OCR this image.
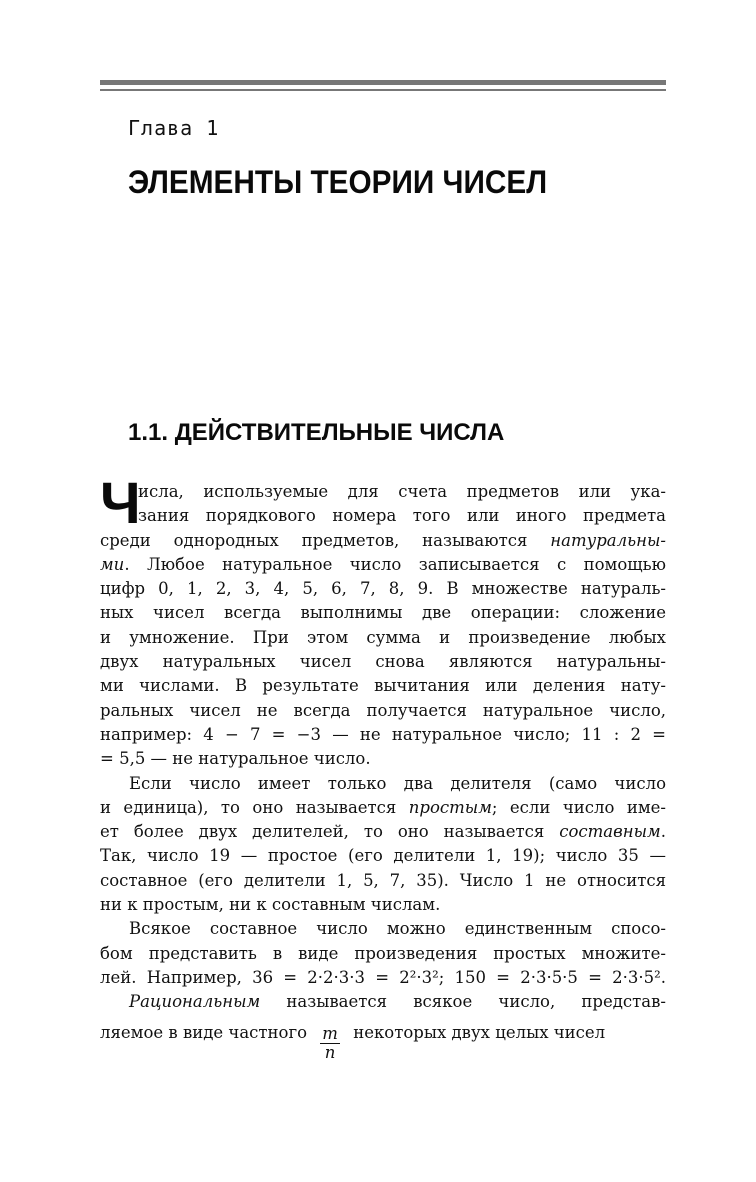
Глава 1
ЭЛЕМЕНТЫ ТЕОРИИ ЧИСЕЛ
1.1. ДЕЙСТВИТЕЛЬНЫЕ ЧИСЛА
Ч
исла, используемые для счета предметов или ука-
зания порядкового номера того или иного предмета
среди однородных предметов, называются натуральны-
ми. Любое натуральное число записывается с помощью
цифр 0, 1, 2, 3, 4, 5, 6, 7, 8, 9. В множестве натураль-
ных чисел всегда выполнимы две операции: сложение
и умножение. При этом сумма и произведение любых
двух натуральных чисел снова являются натуральны-
ми числами. В результате вычитания или деления нату-
ральных чисел не всегда получается натуральное число,
например: 4 − 7 = −3 — не натуральное число; 11 : 2 =
= 5,5 — не натуральное число.
Если число имеет только два делителя (само число
и единица), то оно называется простым; если число име-
ет более двух делителей, то оно называется составным.
Так, число 19 — простое (его делители 1, 19); число 35 —
составное (его делители 1, 5, 7, 35). Число 1 не относится
ни к простым, ни к составным числам.
Всякое составное число можно единственным спосо-
бом представить в виде произведения простых множите-
лей. Например, 36 = 2·2·3·3 = 2²·3²; 150 = 2·3·5·5 = 2·3·5².
Рациональным называется всякое число, представ-
ляемое в виде частного $\frac{m}{n}$ некоторых двух целых чисел
